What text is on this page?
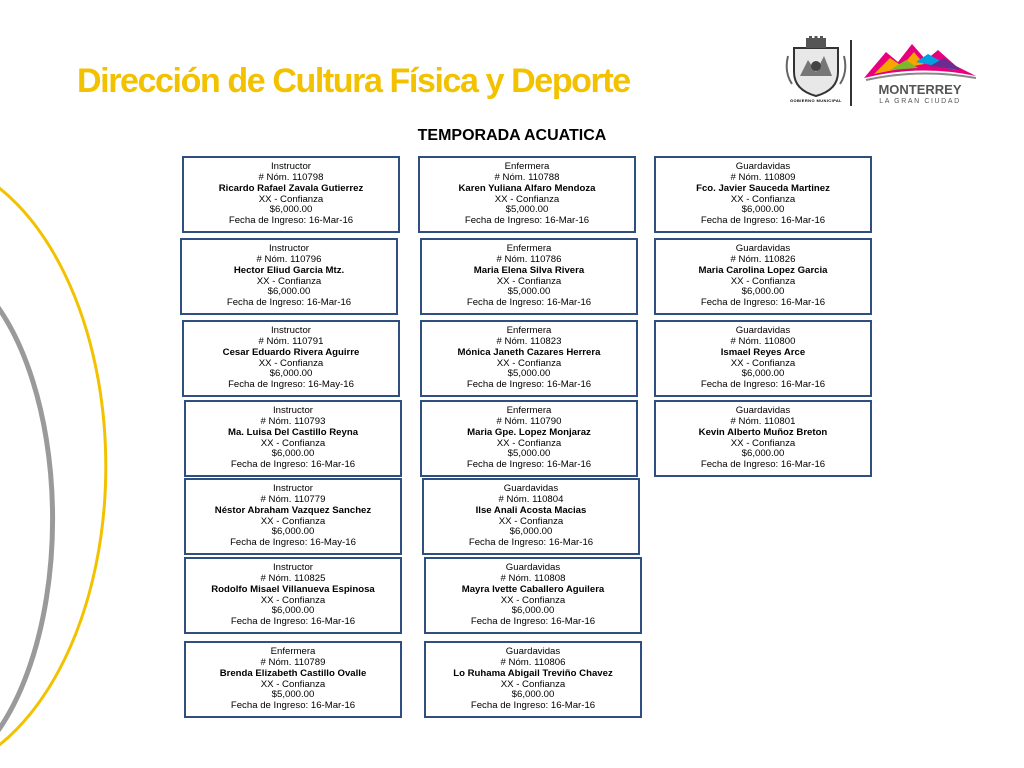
Dirección de Cultura Física y Deporte
TEMPORADA ACUATICA
GOBIERNO MUNICIPAL
MONTERREY
LA GRAN CIUDAD
Instructor
# Nóm. 110798
Ricardo Rafael Zavala Gutierrez
XX - Confianza
$6,000.00
Fecha de Ingreso: 16-Mar-16
Instructor
# Nóm. 110796
Hector Eliud Garcia Mtz.
XX - Confianza
$6,000.00
Fecha de Ingreso: 16-Mar-16
Instructor
# Nóm. 110791
Cesar Eduardo Rivera Aguirre
XX - Confianza
$6,000.00
Fecha de Ingreso: 16-May-16
Instructor
# Nóm. 110793
Ma. Luisa Del Castillo Reyna
XX - Confianza
$6,000.00
Fecha de Ingreso: 16-Mar-16
Instructor
# Nóm. 110779
Néstor Abraham Vazquez Sanchez
XX - Confianza
$6,000.00
Fecha de Ingreso: 16-May-16
Instructor
# Nóm. 110825
Rodolfo Misael Villanueva Espinosa
XX - Confianza
$6,000.00
Fecha de Ingreso: 16-Mar-16
Enfermera
# Nóm. 110789
Brenda Elizabeth Castillo Ovalle
XX - Confianza
$5,000.00
Fecha de Ingreso: 16-Mar-16
Enfermera
# Nóm. 110788
Karen Yuliana Alfaro Mendoza
XX - Confianza
$5,000.00
Fecha de Ingreso: 16-Mar-16
Enfermera
# Nóm. 110786
Maria Elena Silva Rivera
XX - Confianza
$5,000.00
Fecha de Ingreso: 16-Mar-16
Enfermera
# Nóm. 110823
Mónica Janeth Cazares Herrera
XX - Confianza
$5,000.00
Fecha de Ingreso: 16-Mar-16
Enfermera
# Nóm. 110790
Maria Gpe. Lopez Monjaraz
XX - Confianza
$5,000.00
Fecha de Ingreso: 16-Mar-16
Guardavidas
# Nóm. 110804
Ilse Anali Acosta Macias
XX - Confianza
$6,000.00
Fecha de Ingreso: 16-Mar-16
Guardavidas
# Nóm. 110808
Mayra Ivette Caballero Aguilera
XX - Confianza
$6,000.00
Fecha de Ingreso: 16-Mar-16
Guardavidas
# Nóm. 110806
Lo Ruhama Abigail Treviño Chavez
XX - Confianza
$6,000.00
Fecha de Ingreso: 16-Mar-16
Guardavidas
# Nóm. 110809
Fco. Javier Sauceda Martinez
XX - Confianza
$6,000.00
Fecha de Ingreso: 16-Mar-16
Guardavidas
# Nóm. 110826
Maria Carolina Lopez Garcia
XX - Confianza
$6,000.00
Fecha de Ingreso: 16-Mar-16
Guardavidas
# Nóm. 110800
Ismael Reyes Arce
XX - Confianza
$6,000.00
Fecha de Ingreso: 16-Mar-16
Guardavidas
# Nóm. 110801
Kevin Alberto Muñoz Breton
XX - Confianza
$6,000.00
Fecha de Ingreso: 16-Mar-16
